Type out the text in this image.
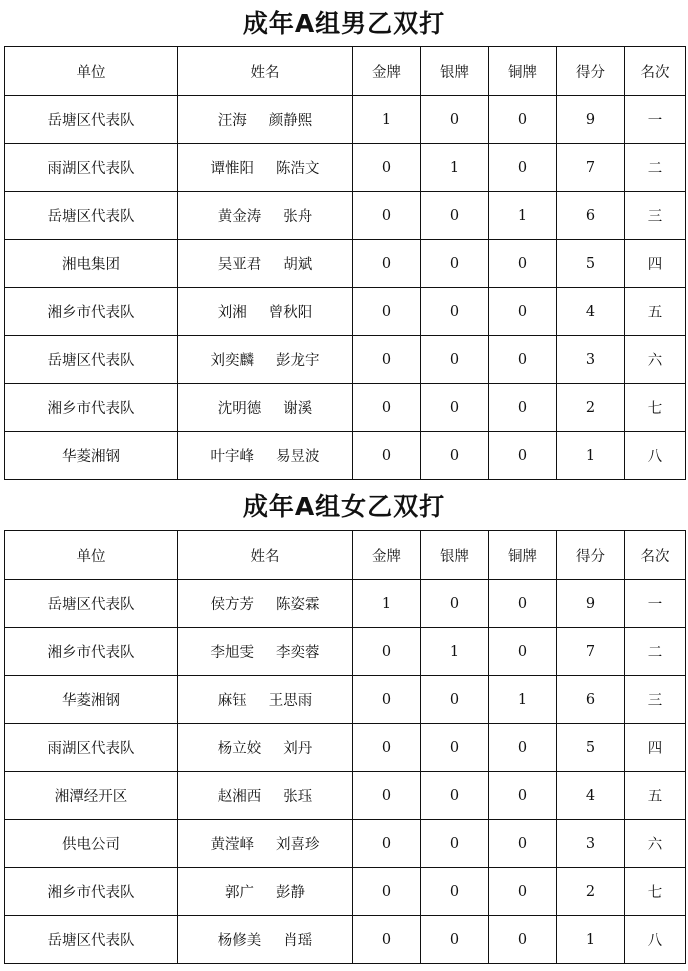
成年A组男乙双打
单位	姓名	金牌	银牌	铜牌	得分	名次
岳塘区代表队	汪海 颜静熙	1	0	0	9	一
雨湖区代表队	谭惟阳 陈浩文	0	1	0	7	二
岳塘区代表队	黄金涛 张舟	0	0	1	6	三
湘电集团	吴亚君 胡斌	0	0	0	5	四
湘乡市代表队	刘湘 曾秋阳	0	0	0	4	五
岳塘区代表队	刘奕麟 彭龙宇	0	0	0	3	六
湘乡市代表队	沈明德 谢溪	0	0	0	2	七
华菱湘钢	叶宇峰 易昱波	0	0	0	1	八
成年A组女乙双打
单位	姓名	金牌	银牌	铜牌	得分	名次
岳塘区代表队	侯方芳 陈姿霖	1	0	0	9	一
湘乡市代表队	李旭雯 李奕蓉	0	1	0	7	二
华菱湘钢	麻钰 王思雨	0	0	1	6	三
雨湖区代表队	杨立姣 刘丹	0	0	0	5	四
湘潭经开区	赵湘西 张珏	0	0	0	4	五
供电公司	黄滢峄 刘喜珍	0	0	0	3	六
湘乡市代表队	郭广 彭静	0	0	0	2	七
岳塘区代表队	杨修美 肖瑶	0	0	0	1	八
